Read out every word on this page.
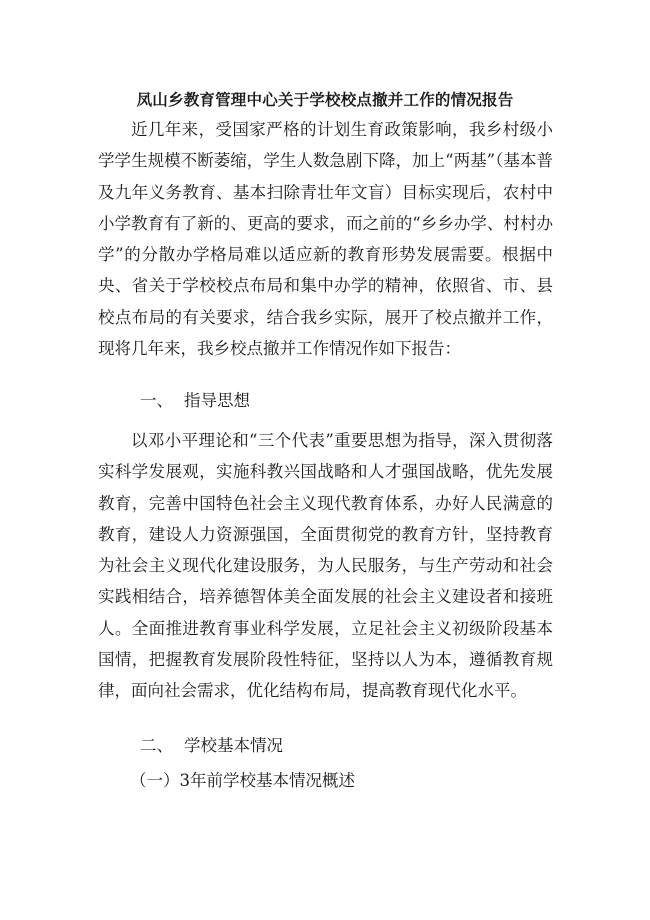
凤山乡教育管理中心关于学校校点撤并工作的情况报告

近几年来，受国家严格的计划生育政策影响，我乡村级小学学生规模不断萎缩，学生人数急剧下降，加上“两基”（基本普及九年义务教育、基本扫除青壮年文盲）目标实现后，农村中小学教育有了新的、更高的要求，而之前的“乡乡办学、村村办学”的分散办学格局难以适应新的教育形势发展需要。根据中央、省关于学校校点布局和集中办学的精神，依照省、市、县校点布局的有关要求，结合我乡实际，展开了校点撤并工作，现将几年来，我乡校点撤并工作情况作如下报告：

一、 指导思想

以邓小平理论和“三个代表”重要思想为指导，深入贯彻落实科学发展观，实施科教兴国战略和人才强国战略，优先发展教育，完善中国特色社会主义现代教育体系，办好人民满意的教育，建设人力资源强国，全面贯彻党的教育方针，坚持教育为社会主义现代化建设服务，为人民服务，与生产劳动和社会实践相结合，培养德智体美全面发展的社会主义建设者和接班人。全面推进教育事业科学发展，立足社会主义初级阶段基本国情，把握教育发展阶段性特征，坚持以人为本，遵循教育规律，面向社会需求，优化结构布局，提高教育现代化水平。

二、 学校基本情况
（一）3年前学校基本情况概述
